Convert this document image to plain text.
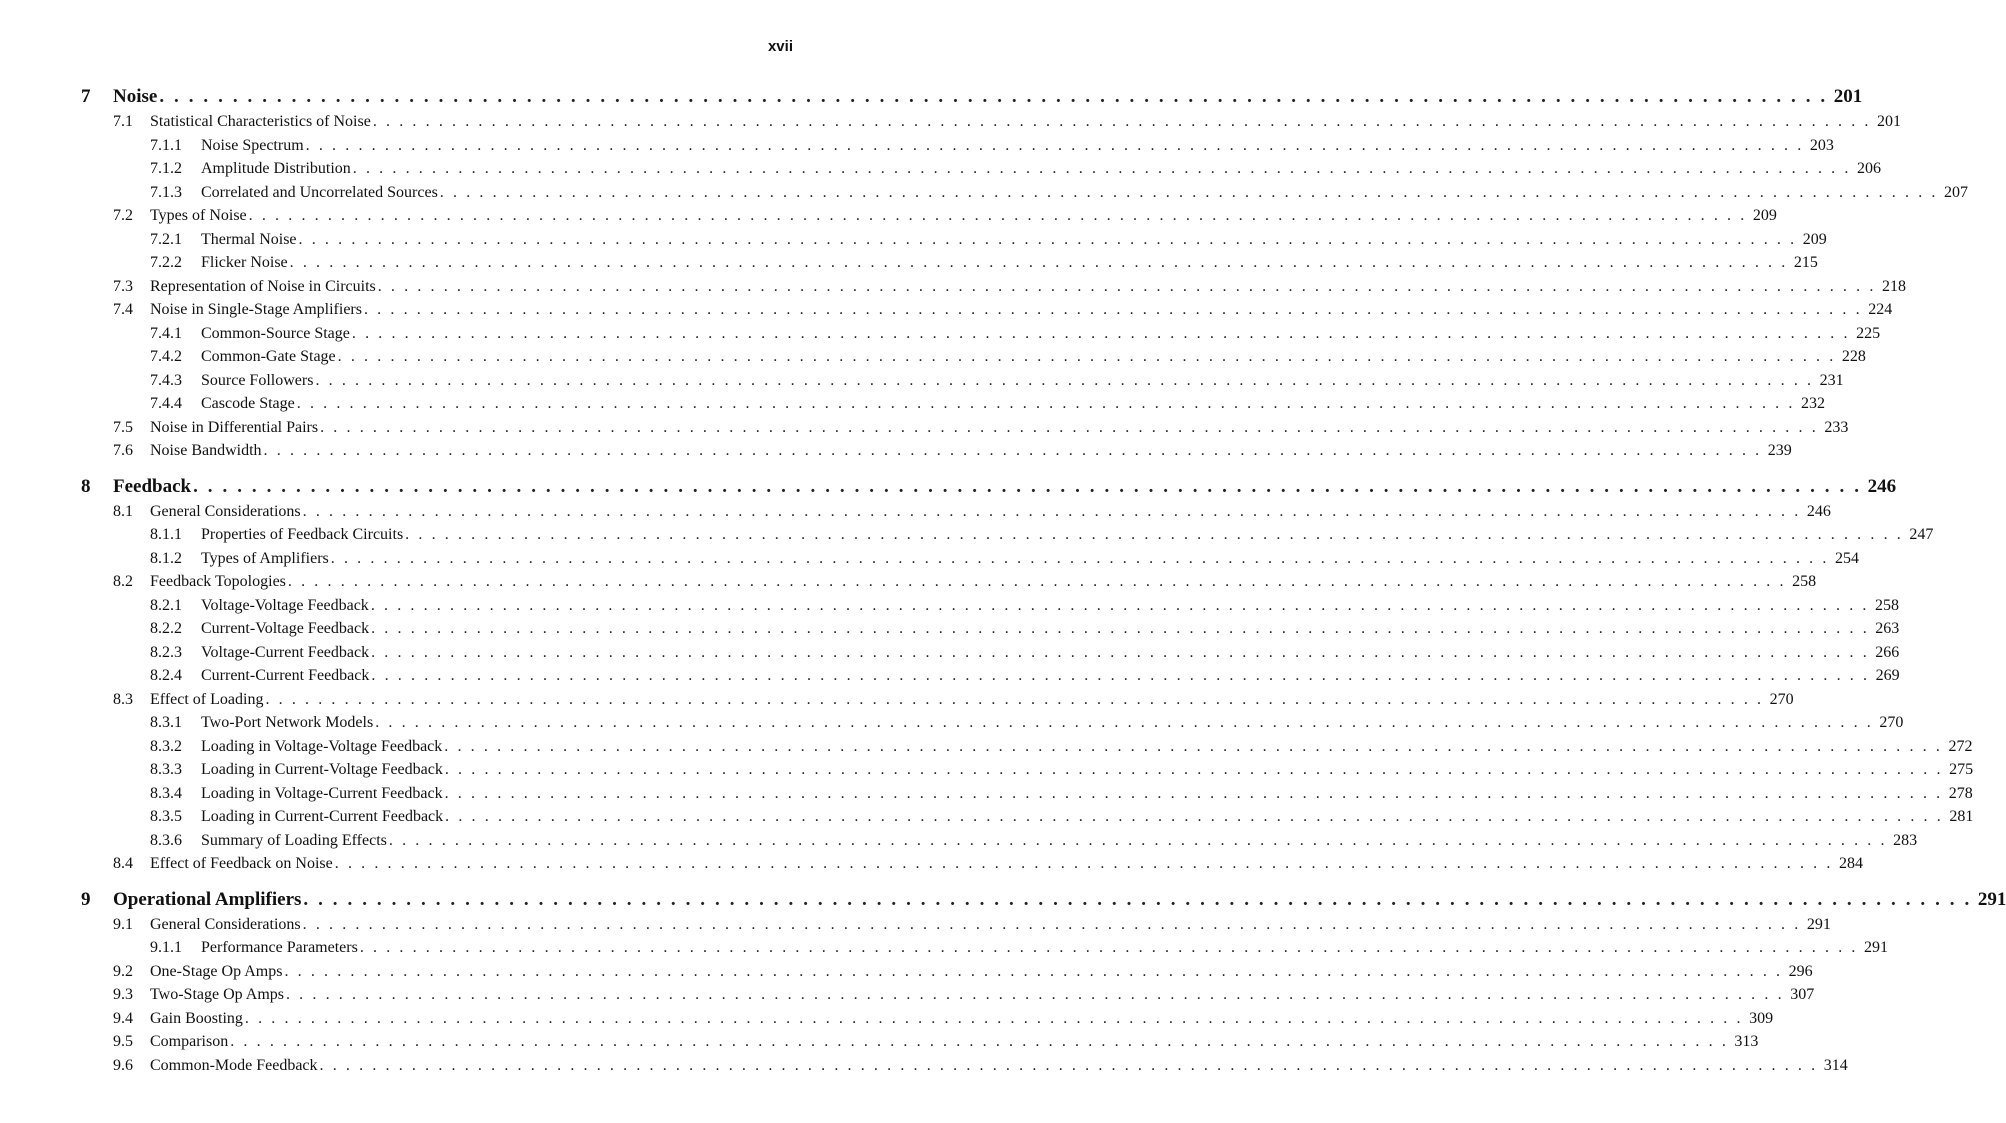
xvii
7 Noise . . .	201
7.1 Statistical Characteristics of Noise . . .	201
7.1.1 Noise Spectrum . . .	203
7.1.2 Amplitude Distribution . . .	206
7.1.3 Correlated and Uncorrelated Sources . . .	207
7.2 Types of Noise . . .	209
7.2.1 Thermal Noise . . .	209
7.2.2 Flicker Noise . . .	215
7.3 Representation of Noise in Circuits . . .	218
7.4 Noise in Single-Stage Amplifiers . . .	224
7.4.1 Common-Source Stage . . .	225
7.4.2 Common-Gate Stage . . .	228
7.4.3 Source Followers . . .	231
7.4.4 Cascode Stage . . .	232
7.5 Noise in Differential Pairs . . .	233
7.6 Noise Bandwidth . . .	239
8 Feedback . . .	246
8.1 General Considerations . . .	246
8.1.1 Properties of Feedback Circuits . . .	247
8.1.2 Types of Amplifiers . . .	254
8.2 Feedback Topologies . . .	258
8.2.1 Voltage-Voltage Feedback . . .	258
8.2.2 Current-Voltage Feedback . . .	263
8.2.3 Voltage-Current Feedback . . .	266
8.2.4 Current-Current Feedback . . .	269
8.3 Effect of Loading . . .	270
8.3.1 Two-Port Network Models . . .	270
8.3.2 Loading in Voltage-Voltage Feedback . . .	272
8.3.3 Loading in Current-Voltage Feedback . . .	275
8.3.4 Loading in Voltage-Current Feedback . . .	278
8.3.5 Loading in Current-Current Feedback . . .	281
8.3.6 Summary of Loading Effects . . .	283
8.4 Effect of Feedback on Noise . . .	284
9 Operational Amplifiers . . .	291
9.1 General Considerations . . .	291
9.1.1 Performance Parameters . . .	291
9.2 One-Stage Op Amps . . .	296
9.3 Two-Stage Op Amps . . .	307
9.4 Gain Boosting . . .	309
9.5 Comparison . . .	313
9.6 Common-Mode Feedback . . .	314
